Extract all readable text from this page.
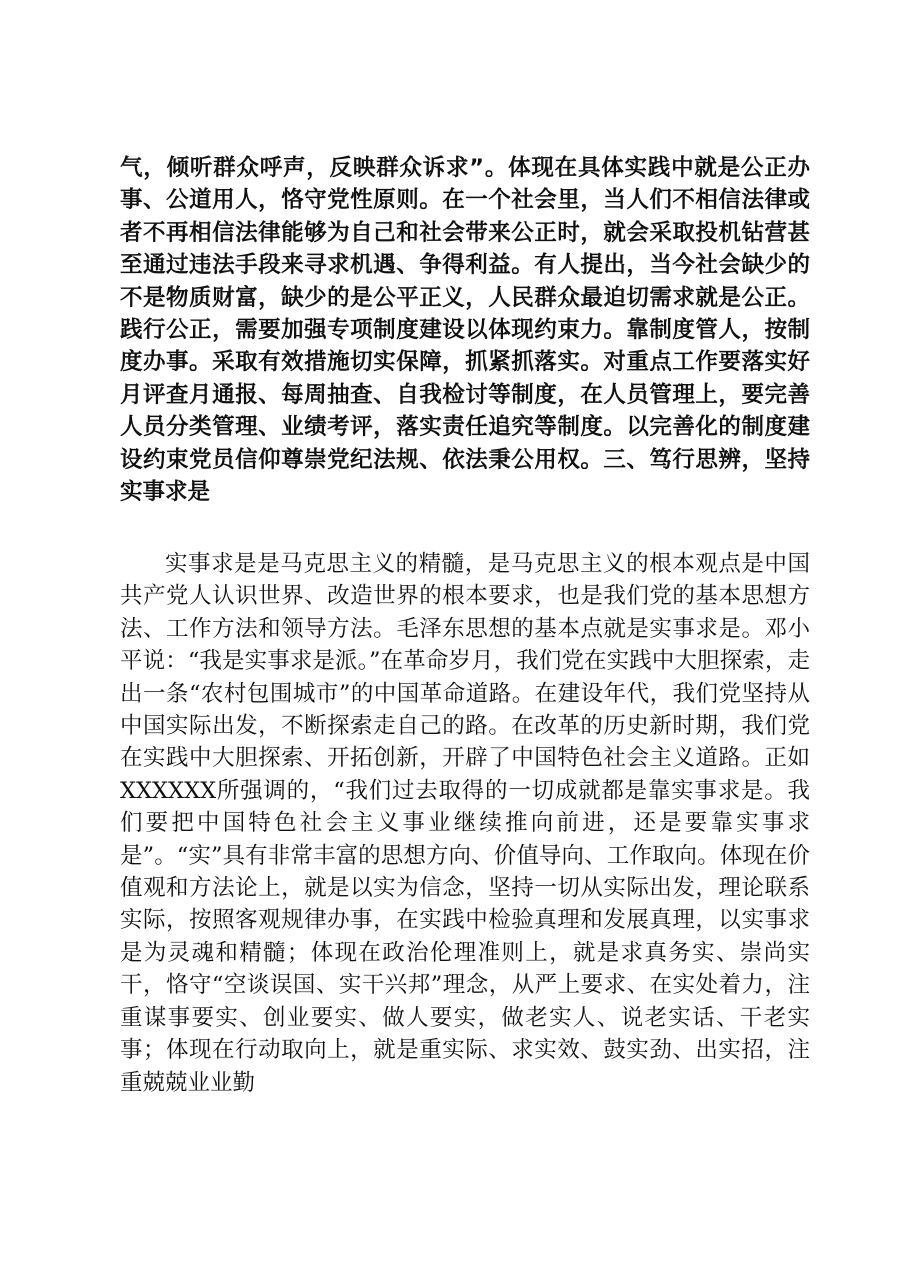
气，倾听群众呼声，反映群众诉求”。体现在具体实践中就是公正办事、公道用人，恪守党性原则。在一个社会里，当人们不相信法律或者不再相信法律能够为自己和社会带来公正时，就会采取投机钻营甚至通过违法手段来寻求机遇、争得利益。有人提出，当今社会缺少的不是物质财富，缺少的是公平正义，人民群众最迫切需求就是公正。践行公正，需要加强专项制度建设以体现约束力。靠制度管人，按制度办事。采取有效措施切实保障，抓紧抓落实。对重点工作要落实好月评查月通报、每周抽查、自我检讨等制度，在人员管理上，要完善人员分类管理、业绩考评，落实责任追究等制度。以完善化的制度建设约束党员信仰尊崇党纪法规、依法秉公用权。三、笃行思辨，坚持实事求是

实事求是是马克思主义的精髓，是马克思主义的根本观点是中国共产党人认识世界、改造世界的根本要求，也是我们党的基本思想方法、工作方法和领导方法。毛泽东思想的基本点就是实事求是。邓小平说：“我是实事求是派。”在革命岁月，我们党在实践中大胆探索，走出一条“农村包围城市”的中国革命道路。在建设年代，我们党坚持从中国实际出发，不断探索走自己的路。在改革的历史新时期，我们党在实践中大胆探索、开拓创新，开辟了中国特色社会主义道路。正如XXXXXX所强调的，“我们过去取得的一切成就都是靠实事求是。我们要把中国特色社会主义事业继续推向前进，还是要靠实事求是”。“实”具有非常丰富的思想方向、价值导向、工作取向。体现在价值观和方法论上，就是以实为信念，坚持一切从实际出发，理论联系实际，按照客观规律办事，在实践中检验真理和发展真理，以实事求是为灵魂和精髓；体现在政治伦理准则上，就是求真务实、崇尚实干，恪守“空谈误国、实干兴邦”理念，从严上要求、在实处着力，注重谋事要实、创业要实、做人要实，做老实人、说老实话、干老实事；体现在行动取向上，就是重实际、求实效、鼓实劲、出实招，注重兢兢业业勤
